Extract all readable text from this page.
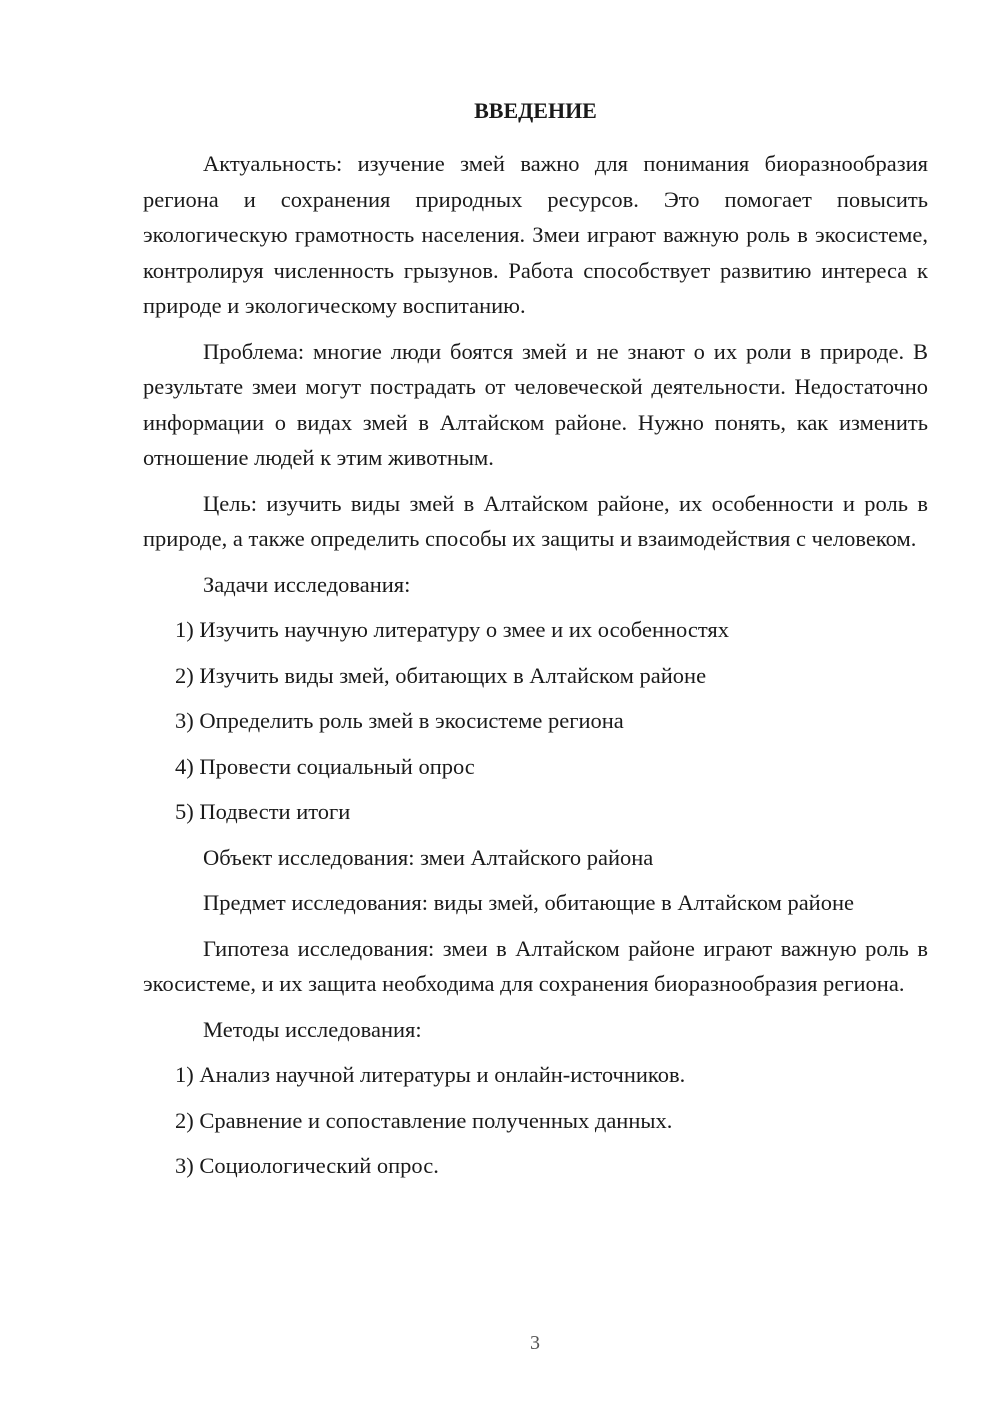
ВВЕДЕНИЕ

Актуальность: изучение змей важно для понимания биоразнообразия региона и сохранения природных ресурсов. Это помогает повысить экологическую грамотность населения. Змеи играют важную роль в экосистеме, контролируя численность грызунов. Работа способствует развитию интереса к природе и экологическому воспитанию.

Проблема: многие люди боятся змей и не знают о их роли в природе. В результате змеи могут пострадать от человеческой деятельности. Недостаточно информации о видах змей в Алтайском районе. Нужно понять, как изменить отношение людей к этим животным.

Цель: изучить виды змей в Алтайском районе, их особенности и роль в природе, а также определить способы их защиты и взаимодействия с человеком.

Задачи исследования:
1) Изучить научную литературу о змее и их особенностях
2) Изучить виды змей, обитающих в Алтайском районе
3) Определить роль змей в экосистеме региона
4) Провести социальный опрос
5) Подвести итоги
Объект исследования: змеи Алтайского района
Предмет исследования: виды змей, обитающие в Алтайском районе

Гипотеза исследования: змеи в Алтайском районе играют важную роль в экосистеме, и их защита необходима для сохранения биоразнообразия региона.

Методы исследования:
1) Анализ научной литературы и онлайн-источников.
2) Сравнение и сопоставление полученных данных.
3) Социологический опрос.
3
